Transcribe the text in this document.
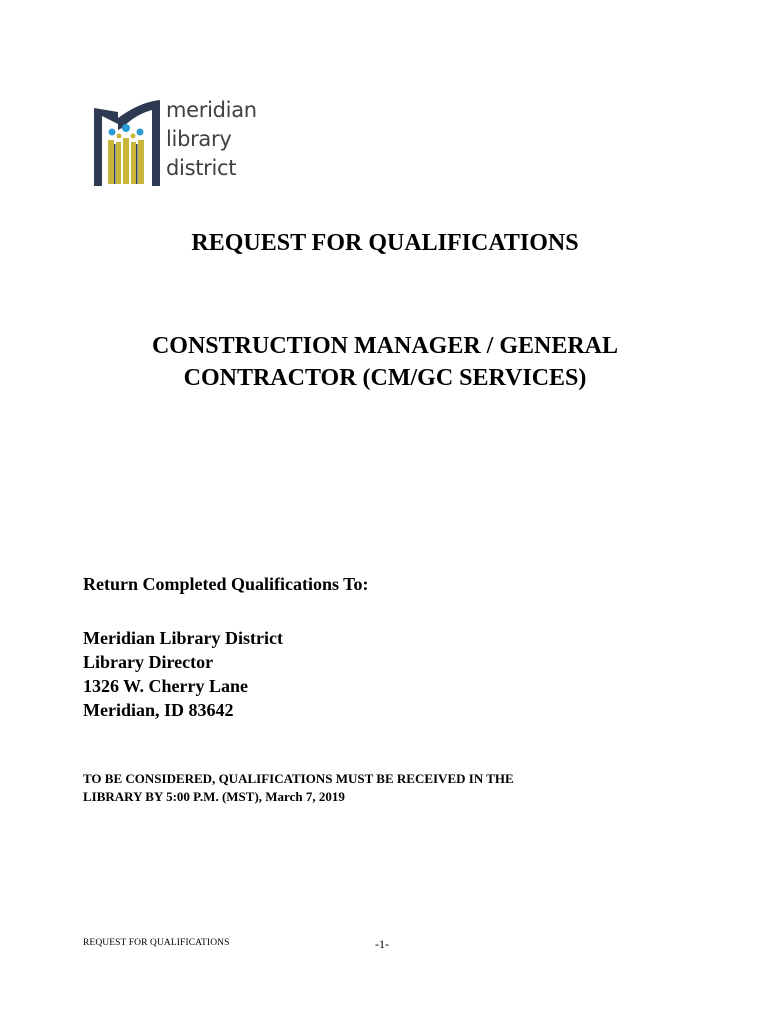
meridian
library
district
REQUEST FOR QUALIFICATIONS
CONSTRUCTION MANAGER / GENERAL
CONTRACTOR (CM/GC SERVICES)
Return Completed Qualifications To:
Meridian Library District
Library Director
1326 W. Cherry Lane
Meridian, ID 83642
TO BE CONSIDERED, QUALIFICATIONS MUST BE RECEIVED IN THE
LIBRARY BY 5:00 P.M. (MST), March 7, 2019
REQUEST FOR QUALIFICATIONS	-1-
